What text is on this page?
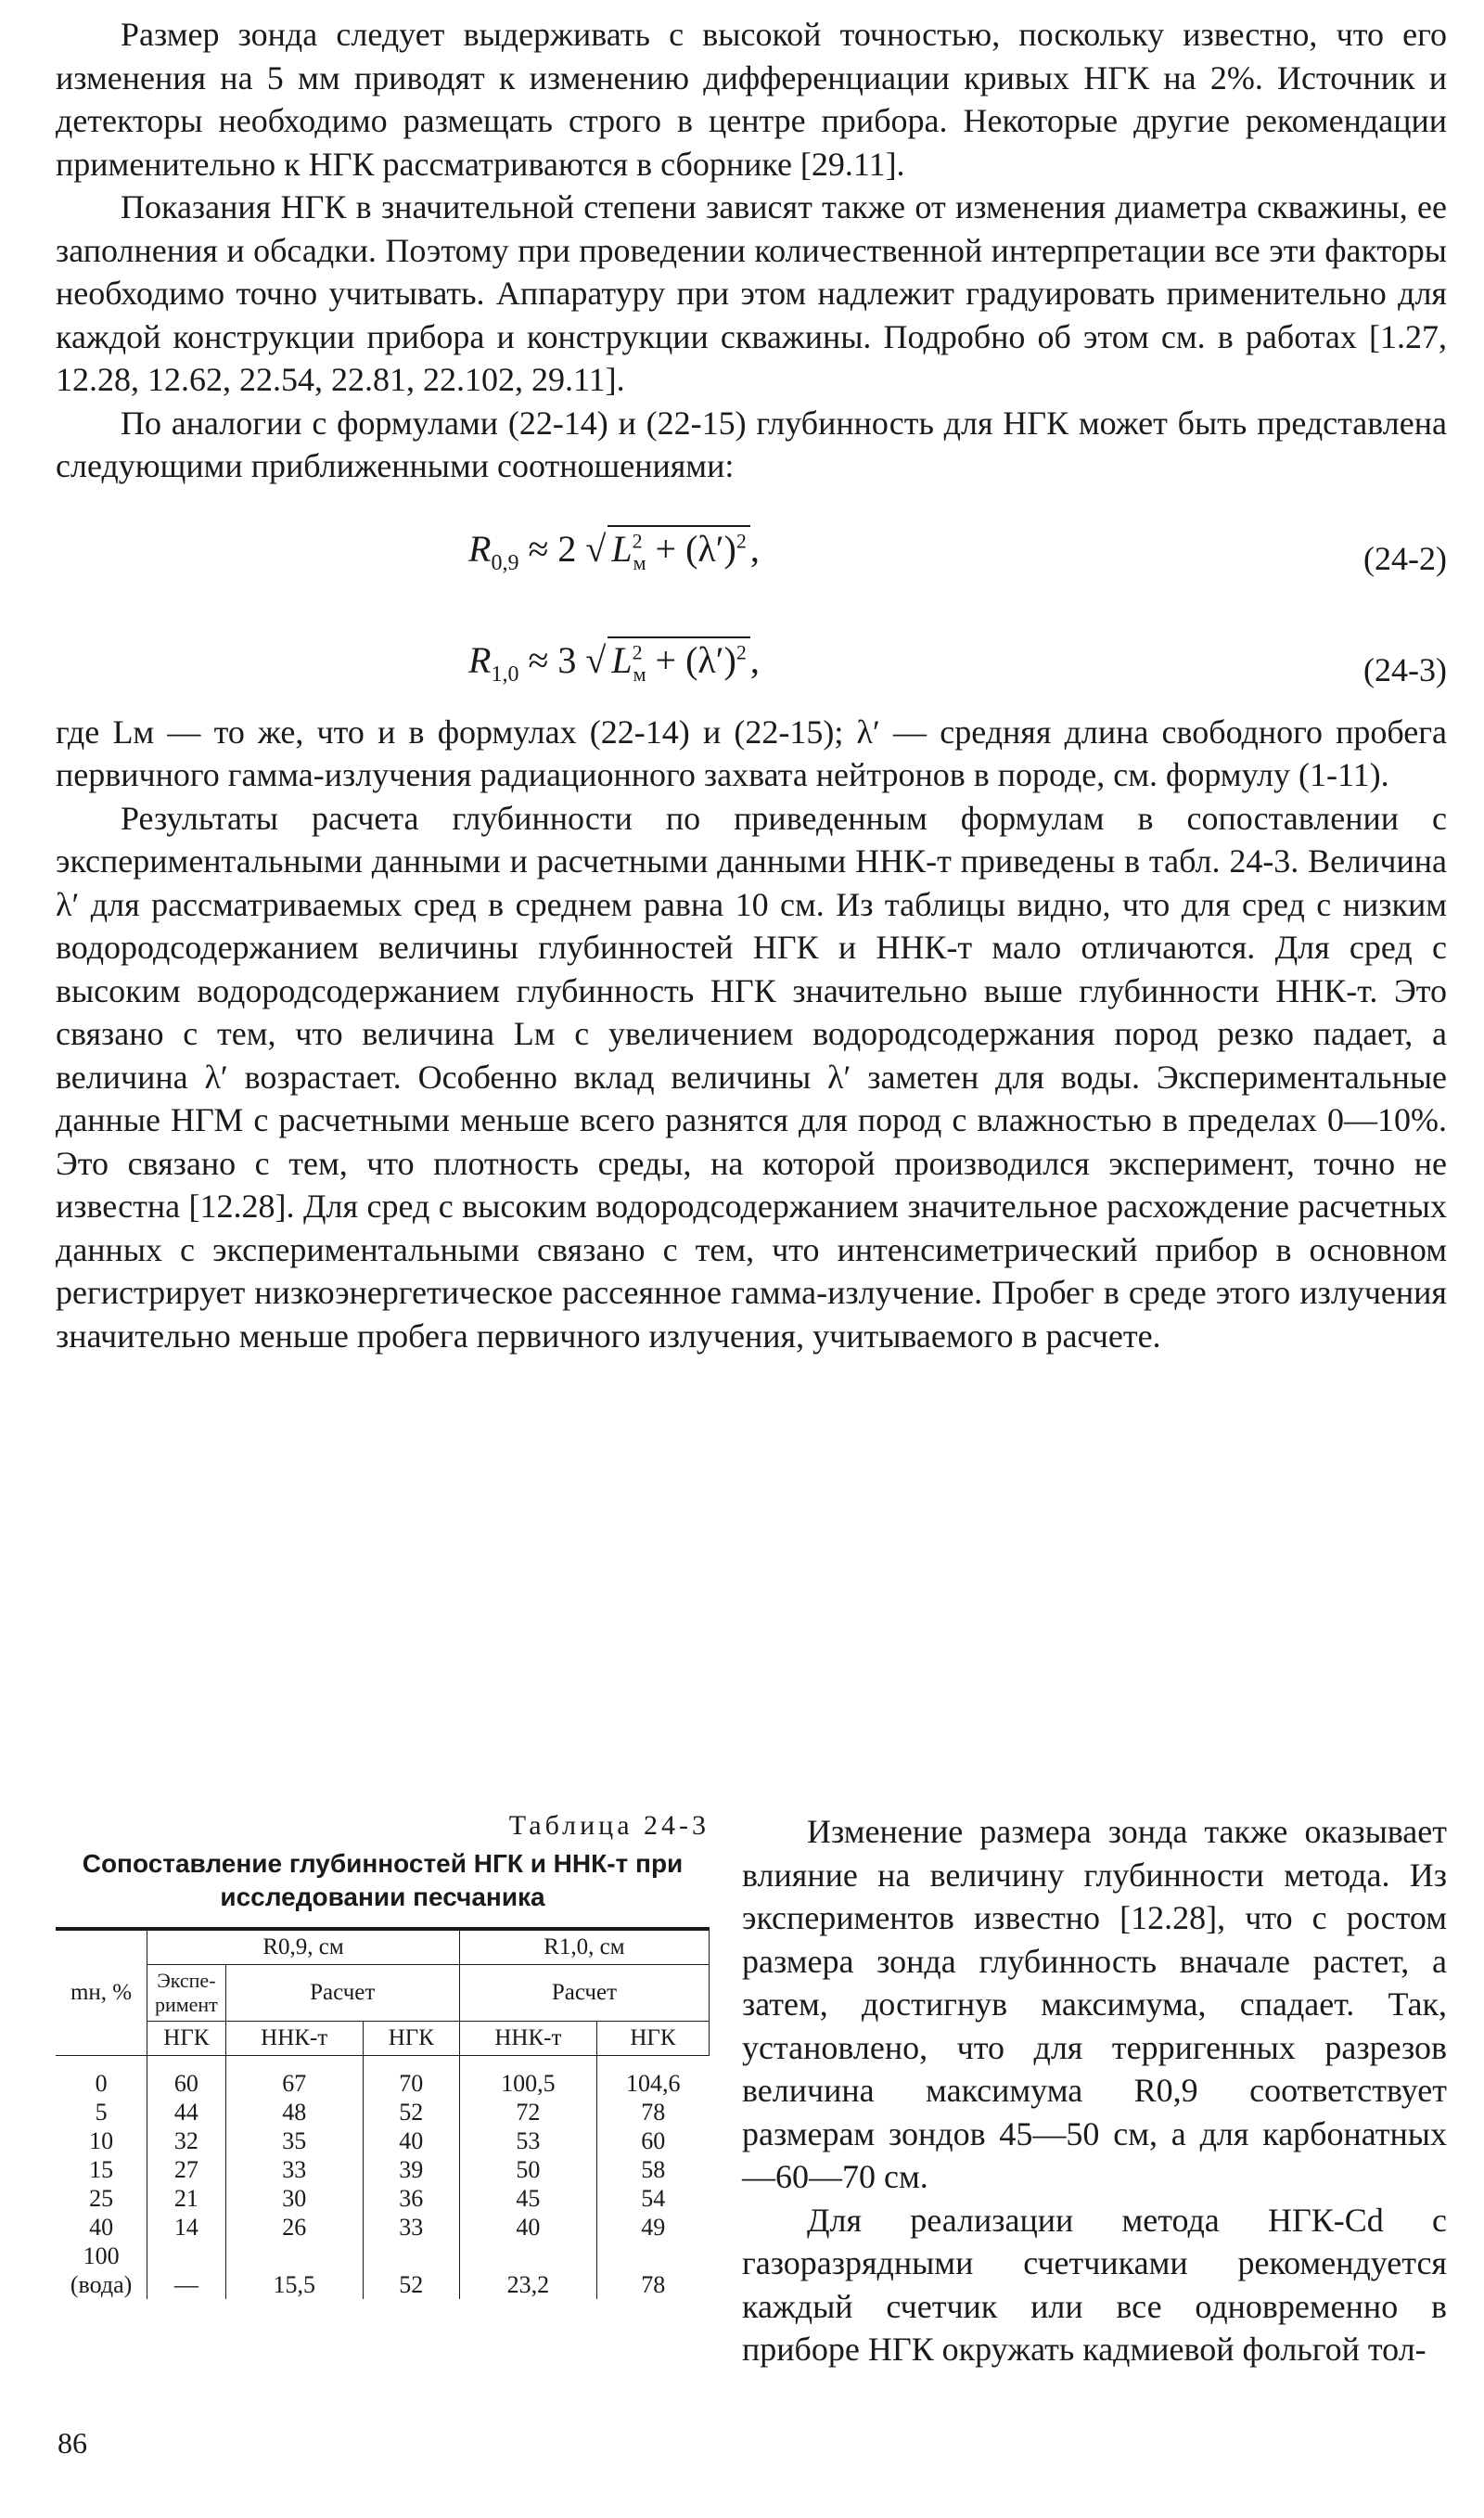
Размер зонда следует выдерживать с высокой точностью, поскольку известно, что его изменения на 5 мм приводят к изменению дифференциации кривых НГК на 2%. Источник и детекторы необходимо размещать строго в центре прибора. Некоторые другие рекомендации применительно к НГК рассматриваются в сборнике [29.11].

Показания НГК в значительной степени зависят также от изменения диаметра скважины, ее заполнения и обсадки. Поэтому при проведении количественной интерпретации все эти факторы необходимо точно учитывать. Аппаратуру при этом надлежит градуировать применительно для каждой конструкции прибора и конструкции скважины. Подробно об этом см. в работах [1.27, 12.28, 12.62, 22.54, 22.81, 22.102, 29.11].

По аналогии с формулами (22-14) и (22-15) глубинность для НГК может быть представлена следующими приближенными соотношениями:

$R_{0,9} \approx 2$ √ $L^2_м + (\lambda')^2$ ,	(24-2)
$R_{1,0} \approx 3$ √ $L^2_м + (\lambda')^2$ ,	(24-3)

где Lм — то же, что и в формулах (22-14) и (22-15); λ′ — средняя длина свободного пробега первичного гамма-излучения радиационного захвата нейтронов в породе, см. формулу (1-11).

Результаты расчета глубинности по приведенным формулам в сопоставлении с экспериментальными данными и расчетными данными ННК-т приведены в табл. 24-3. Величина λ′ для рассматриваемых сред в среднем равна 10 см. Из таблицы видно, что для сред с низким водородсодержанием величины глубинностей НГК и ННК-т мало отличаются. Для сред с высоким водородсодержанием глубинность НГК значительно выше глубинности ННК-т. Это связано с тем, что величина Lм с увеличением водородсодержания пород резко падает, а величина λ′ возрастает. Особенно вклад величины λ′ заметен для воды. Экспериментальные данные НГМ с расчетными меньше всего разнятся для пород с влажностью в пределах 0—10%. Это связано с тем, что плотность среды, на которой производился эксперимент, точно не известна [12.28]. Для сред с высоким водородсодержанием значительное расхождение расчетных данных с экспериментальными связано с тем, что интенсиметрический прибор в основном регистрирует низкоэнергетическое рассеянное гамма-излучение. Пробег в среде этого излучения значительно меньше пробега первичного излучения, учитываемого в расчете.

Таблица 24-3

Сопоставление глубинностей НГК и ННК-т при исследовании песчаника

mн, %	R0,9, см			R1,0, см	
	Экспе-римент	Расчет		Расчет	
	НГК	ННК-т	НГК	ННК-т	НГК
0	60	67	70	100,5	104,6
5	44	48	52	72	78
10	32	35	40	53	60
15	27	33	39	50	58
25	21	30	36	45	54
40	14	26	33	40	49
100					
(вода)	—	15,5	52	23,2	78

Изменение размера зонда также оказывает влияние на величину глубинности метода. Из экспериментов известно [12.28], что с ростом размера зонда глубинность вначале растет, а затем, достигнув максимума, спадает. Так, установлено, что для терригенных разрезов величина максимума R0,9 соответствует размерам зондов 45—50 см, а для карбонатных —60—70 см.

Для реализации метода НГК-Cd с газоразрядными счетчиками рекомендуется каждый счетчик или все одновременно в приборе НГК окружать кадмиевой фольгой тол-

86
